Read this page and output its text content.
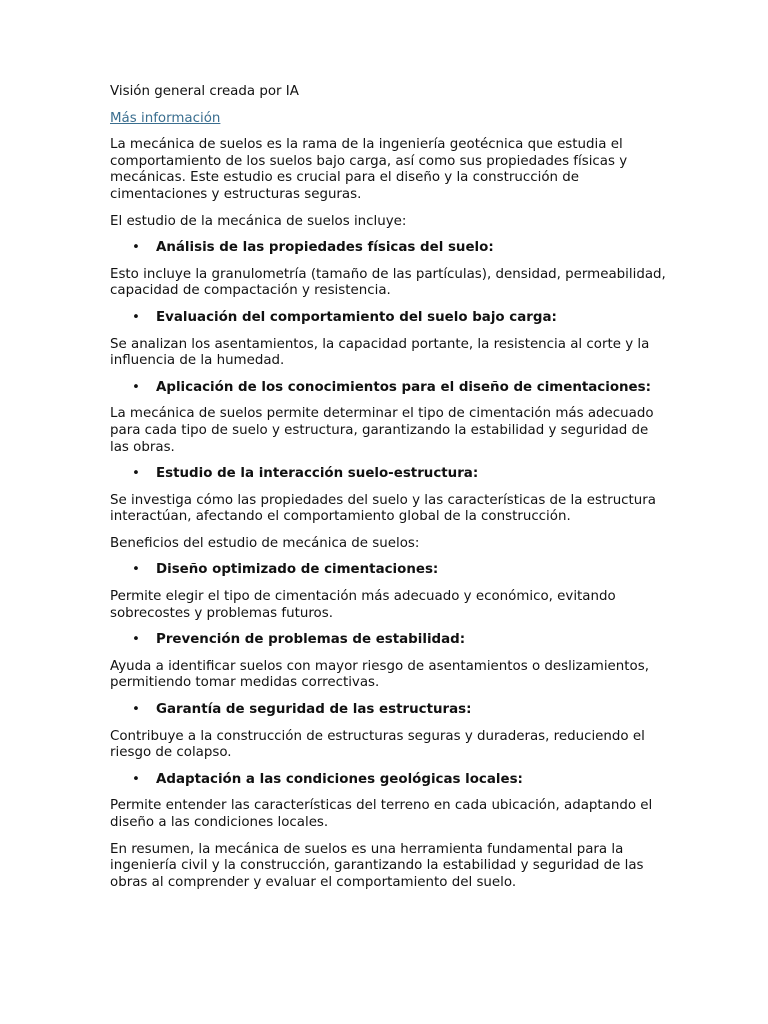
Visión general creada por IA

Más información

La mecánica de suelos es la rama de la ingeniería geotécnica que estudia el comportamiento de los suelos bajo carga, así como sus propiedades físicas y mecánicas. Este estudio es crucial para el diseño y la construcción de cimentaciones y estructuras seguras.

El estudio de la mecánica de suelos incluye:

• Análisis de las propiedades físicas del suelo:

Esto incluye la granulometría (tamaño de las partículas), densidad, permeabilidad, capacidad de compactación y resistencia.

• Evaluación del comportamiento del suelo bajo carga:

Se analizan los asentamientos, la capacidad portante, la resistencia al corte y la influencia de la humedad.

• Aplicación de los conocimientos para el diseño de cimentaciones:

La mecánica de suelos permite determinar el tipo de cimentación más adecuado para cada tipo de suelo y estructura, garantizando la estabilidad y seguridad de las obras.

• Estudio de la interacción suelo-estructura:

Se investiga cómo las propiedades del suelo y las características de la estructura interactúan, afectando el comportamiento global de la construcción.

Beneficios del estudio de mecánica de suelos:

• Diseño optimizado de cimentaciones:

Permite elegir el tipo de cimentación más adecuado y económico, evitando sobrecostes y problemas futuros.

• Prevención de problemas de estabilidad:

Ayuda a identificar suelos con mayor riesgo de asentamientos o deslizamientos, permitiendo tomar medidas correctivas.

• Garantía de seguridad de las estructuras:

Contribuye a la construcción de estructuras seguras y duraderas, reduciendo el riesgo de colapso.

• Adaptación a las condiciones geológicas locales:

Permite entender las características del terreno en cada ubicación, adaptando el diseño a las condiciones locales.

En resumen, la mecánica de suelos es una herramienta fundamental para la ingeniería civil y la construcción, garantizando la estabilidad y seguridad de las obras al comprender y evaluar el comportamiento del suelo.
